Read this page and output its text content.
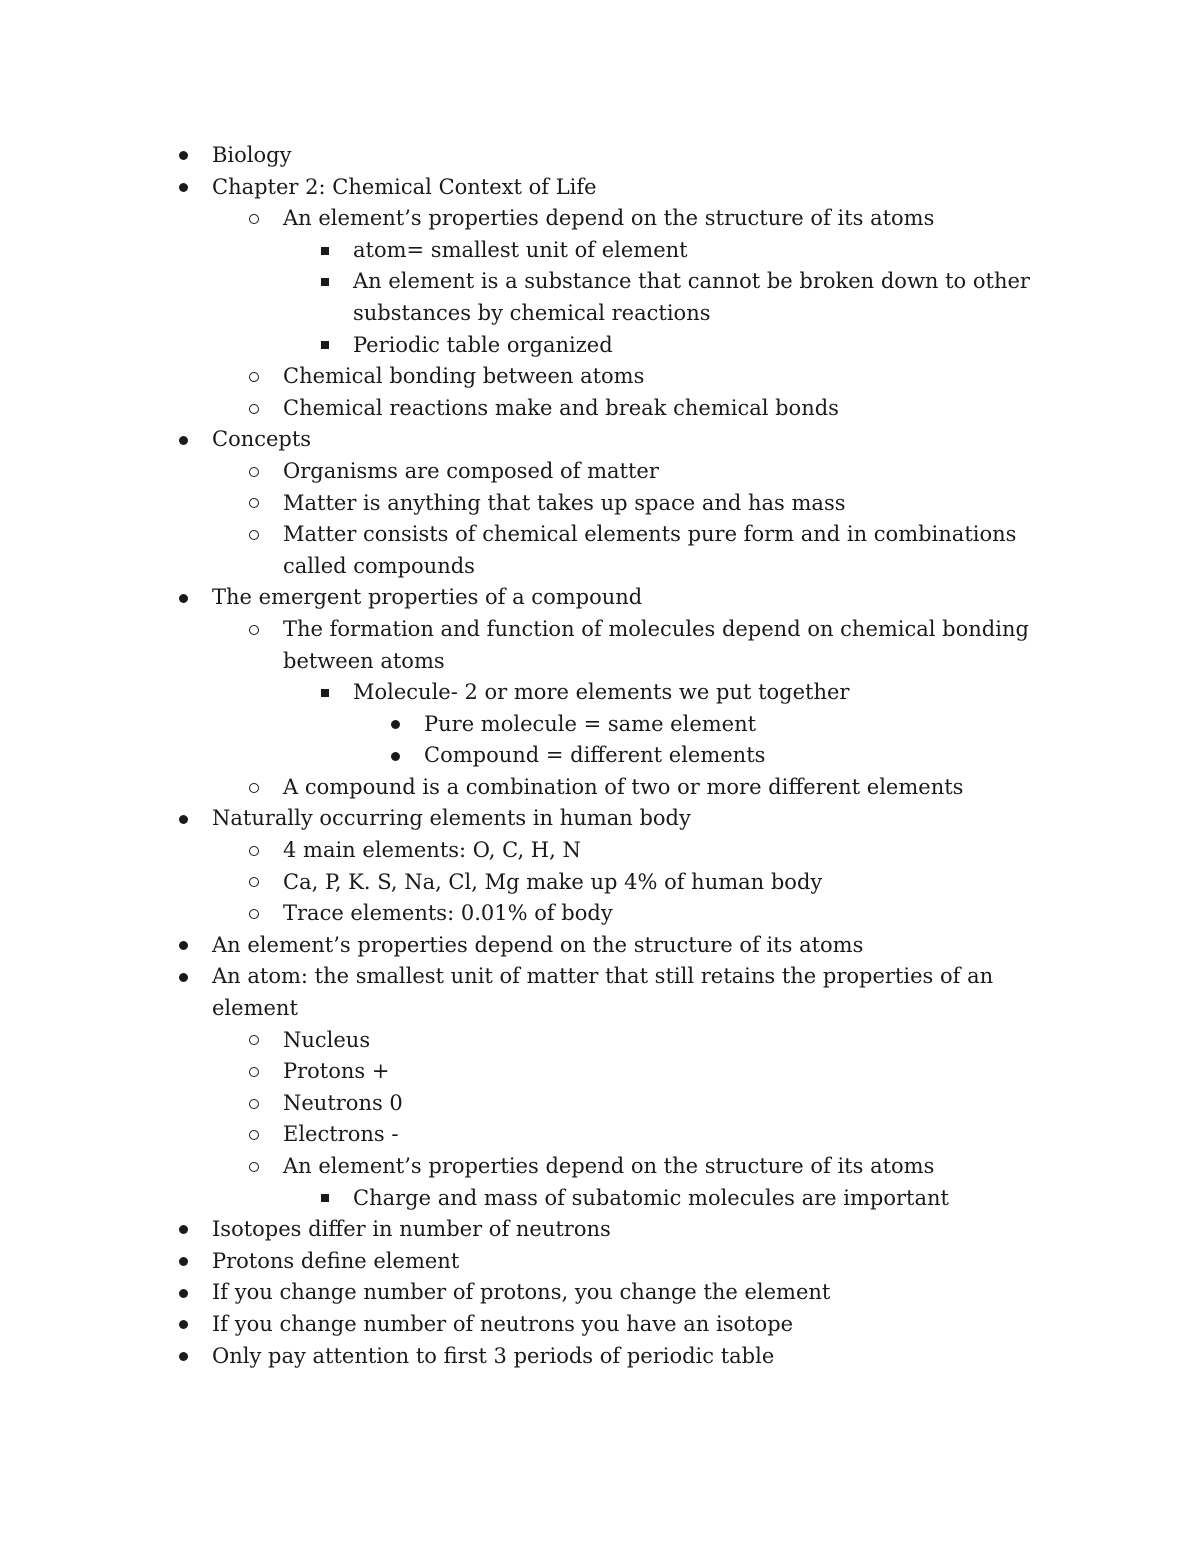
Biology
Chapter 2: Chemical Context of Life
An element’s properties depend on the structure of its atoms
atom= smallest unit of element
An element is a substance that cannot be broken down to other substances by chemical reactions
Periodic table organized
Chemical bonding between atoms
Chemical reactions make and break chemical bonds
Concepts
Organisms are composed of matter
Matter is anything that takes up space and has mass
Matter consists of chemical elements pure form and in combinations called compounds
The emergent properties of a compound
The formation and function of molecules depend on chemical bonding between atoms
Molecule- 2 or more elements we put together
Pure molecule = same element
Compound = different elements
A compound is a combination of two or more different elements
Naturally occurring elements in human body
4 main elements: O, C, H, N
Ca, P, K. S, Na, Cl, Mg make up 4% of human body
Trace elements: 0.01% of body
An element’s properties depend on the structure of its atoms
An atom: the smallest unit of matter that still retains the properties of an element
Nucleus
Protons +
Neutrons 0
Electrons -
An element’s properties depend on the structure of its atoms
Charge and mass of subatomic molecules are important
Isotopes differ in number of neutrons
Protons define element
If you change number of protons, you change the element
If you change number of neutrons you have an isotope
Only pay attention to first 3 periods of periodic table
